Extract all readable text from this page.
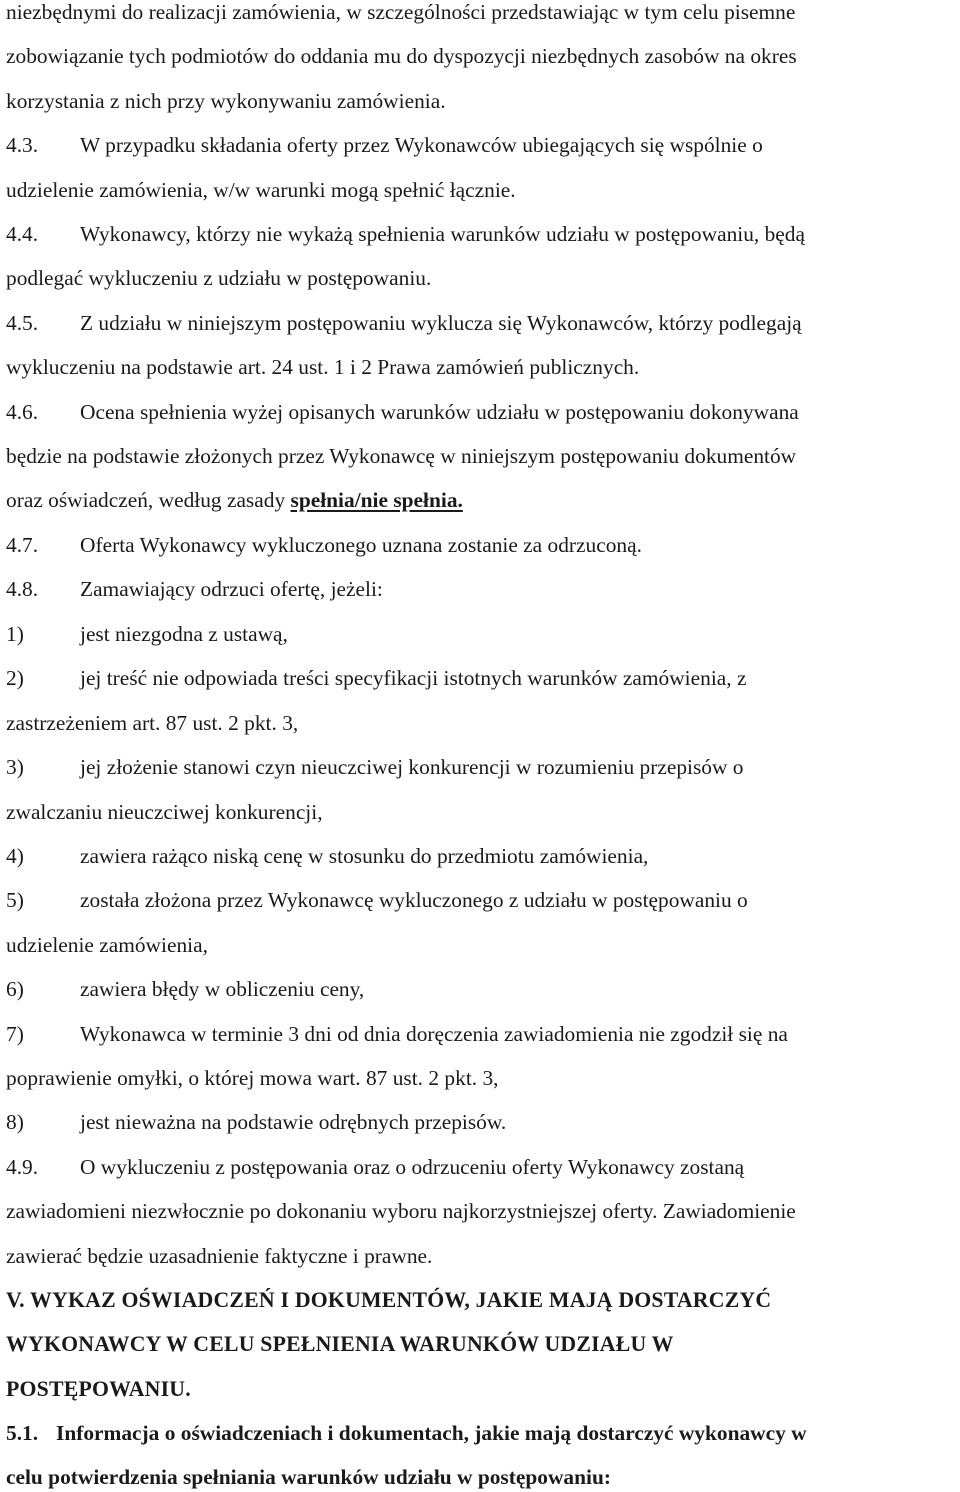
niezbędnymi do realizacji zamówienia, w szczególności przedstawiając w tym celu pisemne
zobowiązanie tych podmiotów do oddania mu do dyspozycji niezbędnych zasobów na okres
korzystania z nich przy wykonywaniu zamówienia.
4.3. W przypadku składania oferty przez Wykonawców ubiegających się wspólnie o
udzielenie zamówienia, w/w warunki mogą spełnić łącznie.
4.4. Wykonawcy, którzy nie wykażą spełnienia warunków udziału w postępowaniu, będą
podlegać wykluczeniu z udziału w postępowaniu.
4.5. Z udziału w niniejszym postępowaniu wyklucza się Wykonawców, którzy podlegają
wykluczeniu na podstawie art. 24 ust. 1 i 2 Prawa zamówień publicznych.
4.6. Ocena spełnienia wyżej opisanych warunków udziału w postępowaniu dokonywana
będzie na podstawie złożonych przez Wykonawcę w niniejszym postępowaniu dokumentów
oraz oświadczeń, według zasady spełnia/nie spełnia.
4.7. Oferta Wykonawcy wykluczonego uznana zostanie za odrzuconą.
4.8. Zamawiający odrzuci ofertę, jeżeli:
1)	jest niezgodna z ustawą,
2)	jej treść nie odpowiada treści specyfikacji istotnych warunków zamówienia, z
zastrzeżeniem art. 87 ust. 2 pkt. 3,
3)	jej złożenie stanowi czyn nieuczciwej konkurencji w rozumieniu przepisów o
zwalczaniu nieuczciwej konkurencji,
4)	zawiera rażąco niską cenę w stosunku do przedmiotu zamówienia,
5)	została złożona przez Wykonawcę wykluczonego z udziału w postępowaniu o
udzielenie zamówienia,
6)	zawiera błędy w obliczeniu ceny,
7)	Wykonawca w terminie 3 dni od dnia doręczenia zawiadomienia nie zgodził się na
poprawienie omyłki, o której mowa wart. 87 ust. 2 pkt. 3,
8)	jest nieważna na podstawie odrębnych przepisów.
4.9. O wykluczeniu z postępowania oraz o odrzuceniu oferty Wykonawcy zostaną
zawiadomieni niezwłocznie po dokonaniu wyboru najkorzystniejszej oferty. Zawiadomienie
zawierać będzie uzasadnienie faktyczne i prawne.
V. WYKAZ OŚWIADCZEŃ I DOKUMENTÓW, JAKIE MAJĄ DOSTARCZYĆ
WYKONAWCY W CELU SPEŁNIENIA WARUNKÓW UDZIAŁU W
POSTĘPOWANIU.
5.1. Informacja o oświadczeniach i dokumentach, jakie mają dostarczyć wykonawcy w
celu potwierdzenia spełniania warunków udziału w postępowaniu:
